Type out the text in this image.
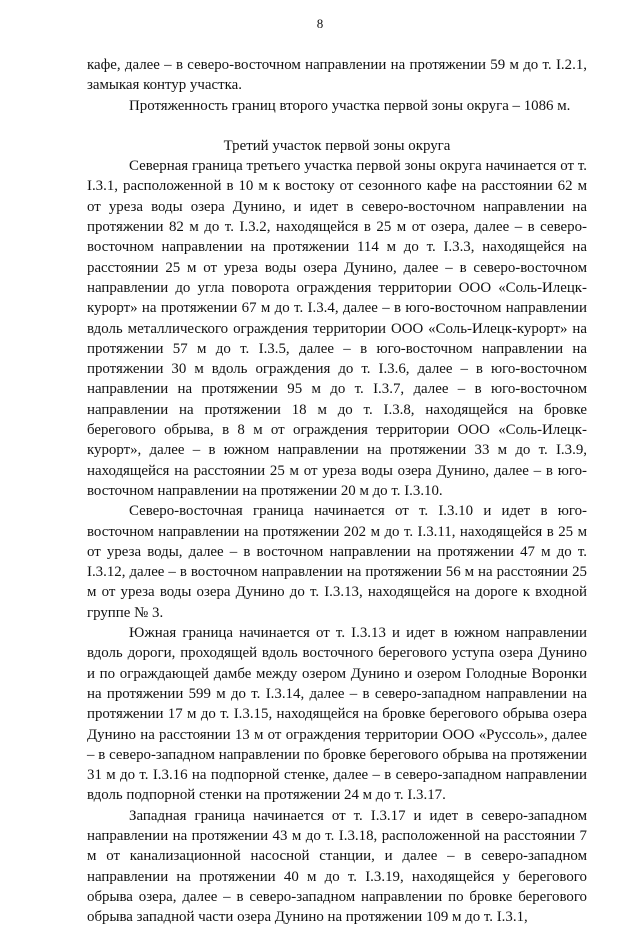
8

кафе, далее – в северо-восточном направлении на протяжении 59 м до т. I.2.1, замыкая контур участка.

Протяженность границ второго участка первой зоны округа – 1086 м.

Третий участок первой зоны округа

Северная граница третьего участка первой зоны округа начинается от т. I.3.1, расположенной в 10 м к востоку от сезонного кафе на расстоянии 62 м от уреза воды озера Дунино, и идет в северо-восточном направлении на протяжении 82 м до т. I.3.2, находящейся в 25 м от озера, далее – в северо-восточном направлении на протяжении 114 м до т. I.3.3, находящейся на расстоянии 25 м от уреза воды озера Дунино, далее – в северо-восточном направлении до угла поворота ограждения территории ООО «Соль-Илецк-курорт» на протяжении 67 м до т. I.3.4, далее – в юго-восточном направлении вдоль металлического ограждения территории ООО «Соль-Илецк-курорт» на протяжении 57 м до т. I.3.5, далее – в юго-восточном направлении на протяжении 30 м вдоль ограждения до т. I.3.6, далее – в юго-восточном направлении на протяжении 95 м до т. I.3.7, далее – в юго-восточном направлении на протяжении 18 м до т. I.3.8, находящейся на бровке берегового обрыва, в 8 м от ограждения территории ООО «Соль-Илецк-курорт», далее – в южном направлении на протяжении 33 м до т. I.3.9, находящейся на расстоянии 25 м от уреза воды озера Дунино, далее – в юго-восточном направлении на протяжении 20 м до т. I.3.10.

Северо-восточная граница начинается от т. I.3.10 и идет в юго-восточном направлении на протяжении 202 м до т. I.3.11, находящейся в 25 м от уреза воды, далее – в восточном направлении на протяжении 47 м до т. I.3.12, далее – в восточном направлении на протяжении 56 м на расстоянии 25 м от уреза воды озера Дунино до т. I.3.13, находящейся на дороге к входной группе № 3.

Южная граница начинается от т. I.3.13 и идет в южном направлении вдоль дороги, проходящей вдоль восточного берегового уступа озера Дунино и по ограждающей дамбе между озером Дунино и озером Голодные Воронки на протяжении 599 м до т. I.3.14, далее – в северо-западном направлении на протяжении 17 м до т. I.3.15, находящейся на бровке берегового обрыва озера Дунино на расстоянии 13 м от ограждения территории ООО «Руссоль», далее – в северо-западном направлении по бровке берегового обрыва на протяжении 31 м до т. I.3.16 на подпорной стенке, далее – в северо-западном направлении вдоль подпорной стенки на протяжении 24 м до т. I.3.17.

Западная граница начинается от т. I.3.17 и идет в северо-западном направлении на протяжении 43 м до т. I.3.18, расположенной на расстоянии 7 м от канализационной насосной станции, и далее – в северо-западном направлении на протяжении 40 м до т. I.3.19, находящейся у берегового обрыва озера, далее – в северо-западном направлении по бровке берегового обрыва западной части озера Дунино на протяжении 109 м до т. I.3.1,
